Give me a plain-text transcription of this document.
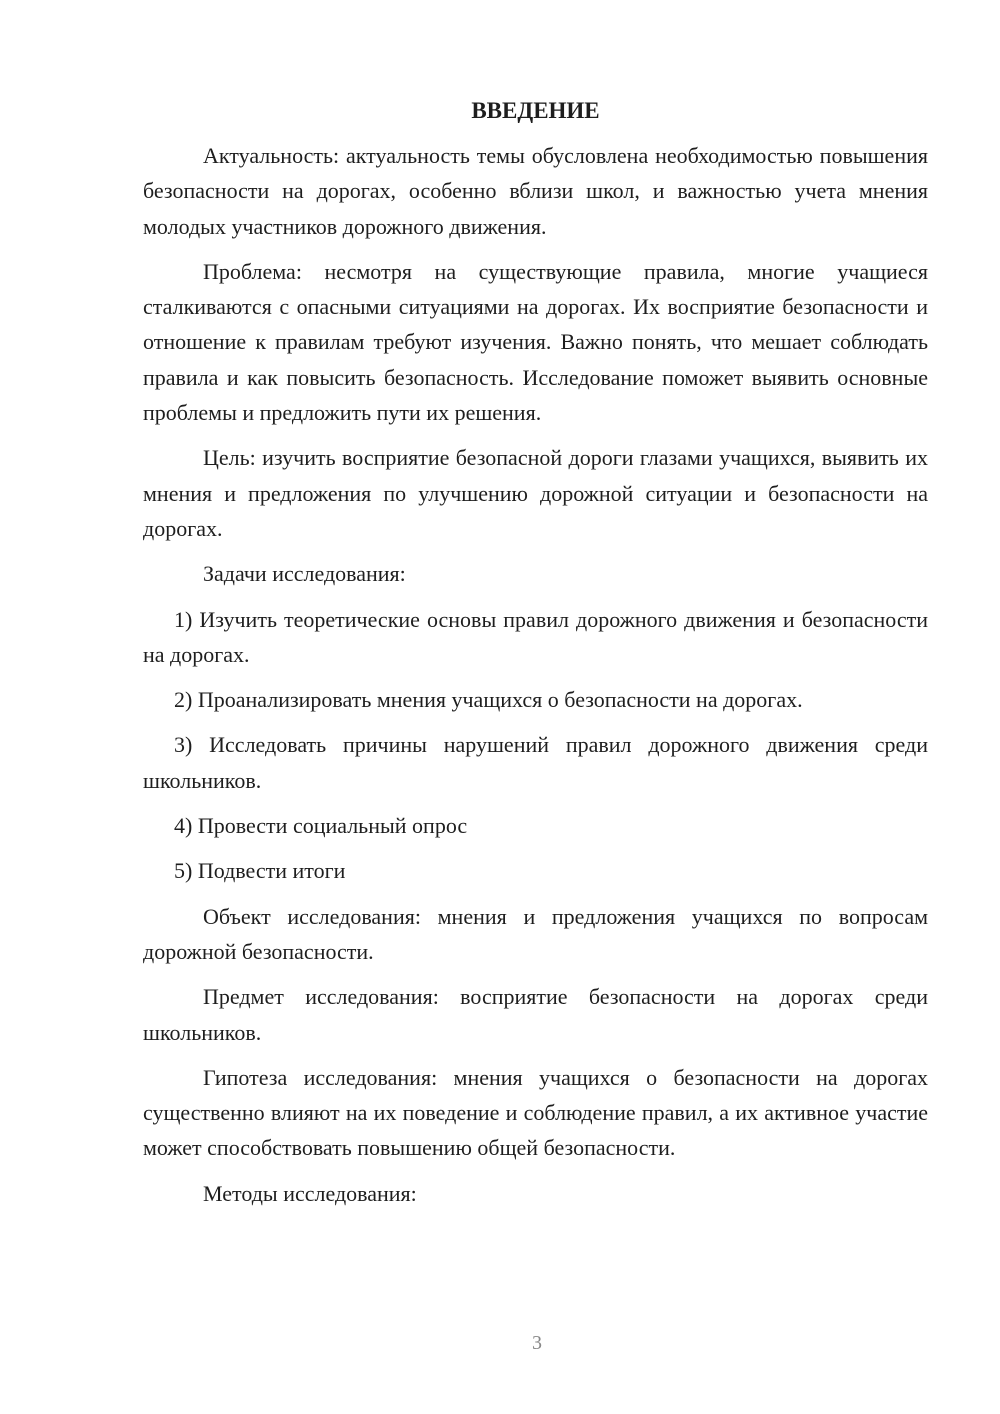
ВВЕДЕНИЕ

Актуальность: актуальность темы обусловлена необходимостью повышения безопасности на дорогах, особенно вблизи школ, и важностью учета мнения молодых участников дорожного движения.

Проблема: несмотря на существующие правила, многие учащиеся сталкиваются с опасными ситуациями на дорогах. Их восприятие безопасности и отношение к правилам требуют изучения. Важно понять, что мешает соблюдать правила и как повысить безопасность. Исследование поможет выявить основные проблемы и предложить пути их решения.

Цель: изучить восприятие безопасной дороги глазами учащихся, выявить их мнения и предложения по улучшению дорожной ситуации и безопасности на дорогах.

Задачи исследования:

1) Изучить теоретические основы правил дорожного движения и безопасности на дорогах.

2) Проанализировать мнения учащихся о безопасности на дорогах.

3) Исследовать причины нарушений правил дорожного движения среди школьников.

4) Провести социальный опрос

5) Подвести итоги

Объект исследования: мнения и предложения учащихся по вопросам дорожной безопасности.

Предмет исследования: восприятие безопасности на дорогах среди школьников.

Гипотеза исследования: мнения учащихся о безопасности на дорогах существенно влияют на их поведение и соблюдение правил, а их активное участие может способствовать повышению общей безопасности.

Методы исследования:

3
